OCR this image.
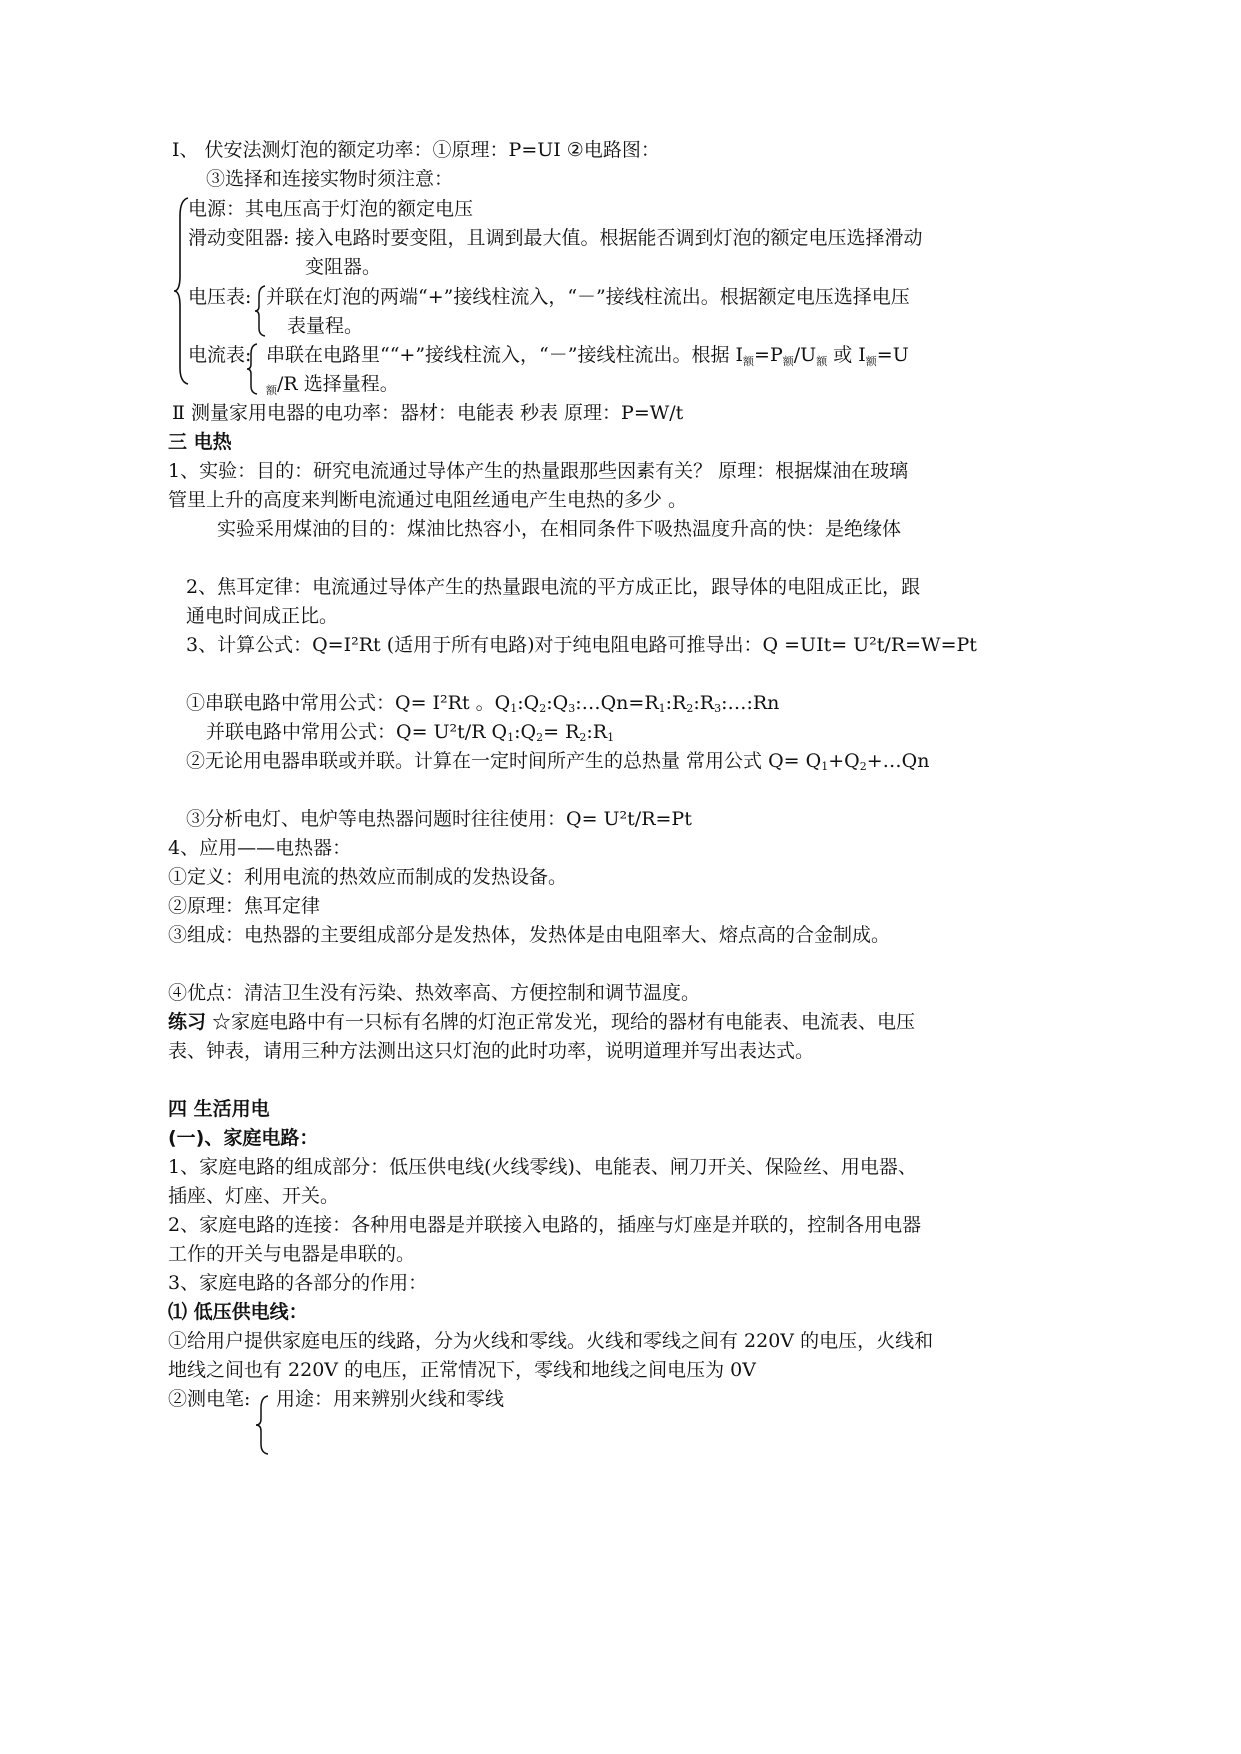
Ⅰ、 伏安法测灯泡的额定功率：①原理：P=UI ②电路图：
③选择和连接实物时须注意：
电源：其电压高于灯泡的额定电压
滑动变阻器: 接入电路时要变阻，且调到最大值。根据能否调到灯泡的额定电压选择滑动
变阻器。
电压表: 并联在灯泡的两端“+”接线柱流入，“－”接线柱流出。根据额定电压选择电压
表量程。
电流表: 串联在电路里““+”接线柱流入，“－”接线柱流出。根据 $I_额=P_额/U_额$ 或 $I_额=U$
$_额$/R 选择量程。
Ⅱ 测量家用电器的电功率：器材：电能表 秒表 原理：P=W/t
三 电热
1、实验：目的：研究电流通过导体产生的热量跟那些因素有关？ 原理：根据煤油在玻璃
管里上升的高度来判断电流通过电阻丝通电产生电热的多少 。
实验采用煤油的目的：煤油比热容小，在相同条件下吸热温度升高的快：是绝缘体
2、焦耳定律：电流通过导体产生的热量跟电流的平方成正比，跟导体的电阻成正比，跟
通电时间成正比。
3、计算公式：Q=I²Rt (适用于所有电路)对于纯电阻电路可推导出：Q =UIt= U²t/R=W=Pt
①串联电路中常用公式：Q= I²Rt 。$Q_1:Q_2:Q_3:\dots Qn=R_1:R_2:R_3:\dots:Rn$
并联电路中常用公式：Q= U²t/R $Q_1:Q_2=$ $R_2:R_1$
②无论用电器串联或并联。计算在一定时间所产生的总热量 常用公式 $Q= Q_1+Q_2+\dots Qn$
③分析电灯、电炉等电热器问题时往往使用：Q= U²t/R=Pt
4、应用——电热器：
①定义：利用电流的热效应而制成的发热设备。
②原理：焦耳定律
③组成：电热器的主要组成部分是发热体，发热体是由电阻率大、熔点高的合金制成。
④优点：清洁卫生没有污染、热效率高、方便控制和调节温度。
练习 ☆家庭电路中有一只标有名牌的灯泡正常发光，现给的器材有电能表、电流表、电压
表、钟表，请用三种方法测出这只灯泡的此时功率，说明道理并写出表达式。
四 生活用电
(一)、家庭电路：
1、家庭电路的组成部分：低压供电线(火线零线)、电能表、闸刀开关、保险丝、用电器、
插座、灯座、开关。
2、家庭电路的连接：各种用电器是并联接入电路的，插座与灯座是并联的，控制各用电器
工作的开关与电器是串联的。
3、家庭电路的各部分的作用：
⑴ 低压供电线：
①给用户提供家庭电压的线路，分为火线和零线。火线和零线之间有 220V 的电压，火线和
地线之间也有 220V 的电压，正常情况下，零线和地线之间电压为 0V
②测电笔: 用途：用来辨别火线和零线
